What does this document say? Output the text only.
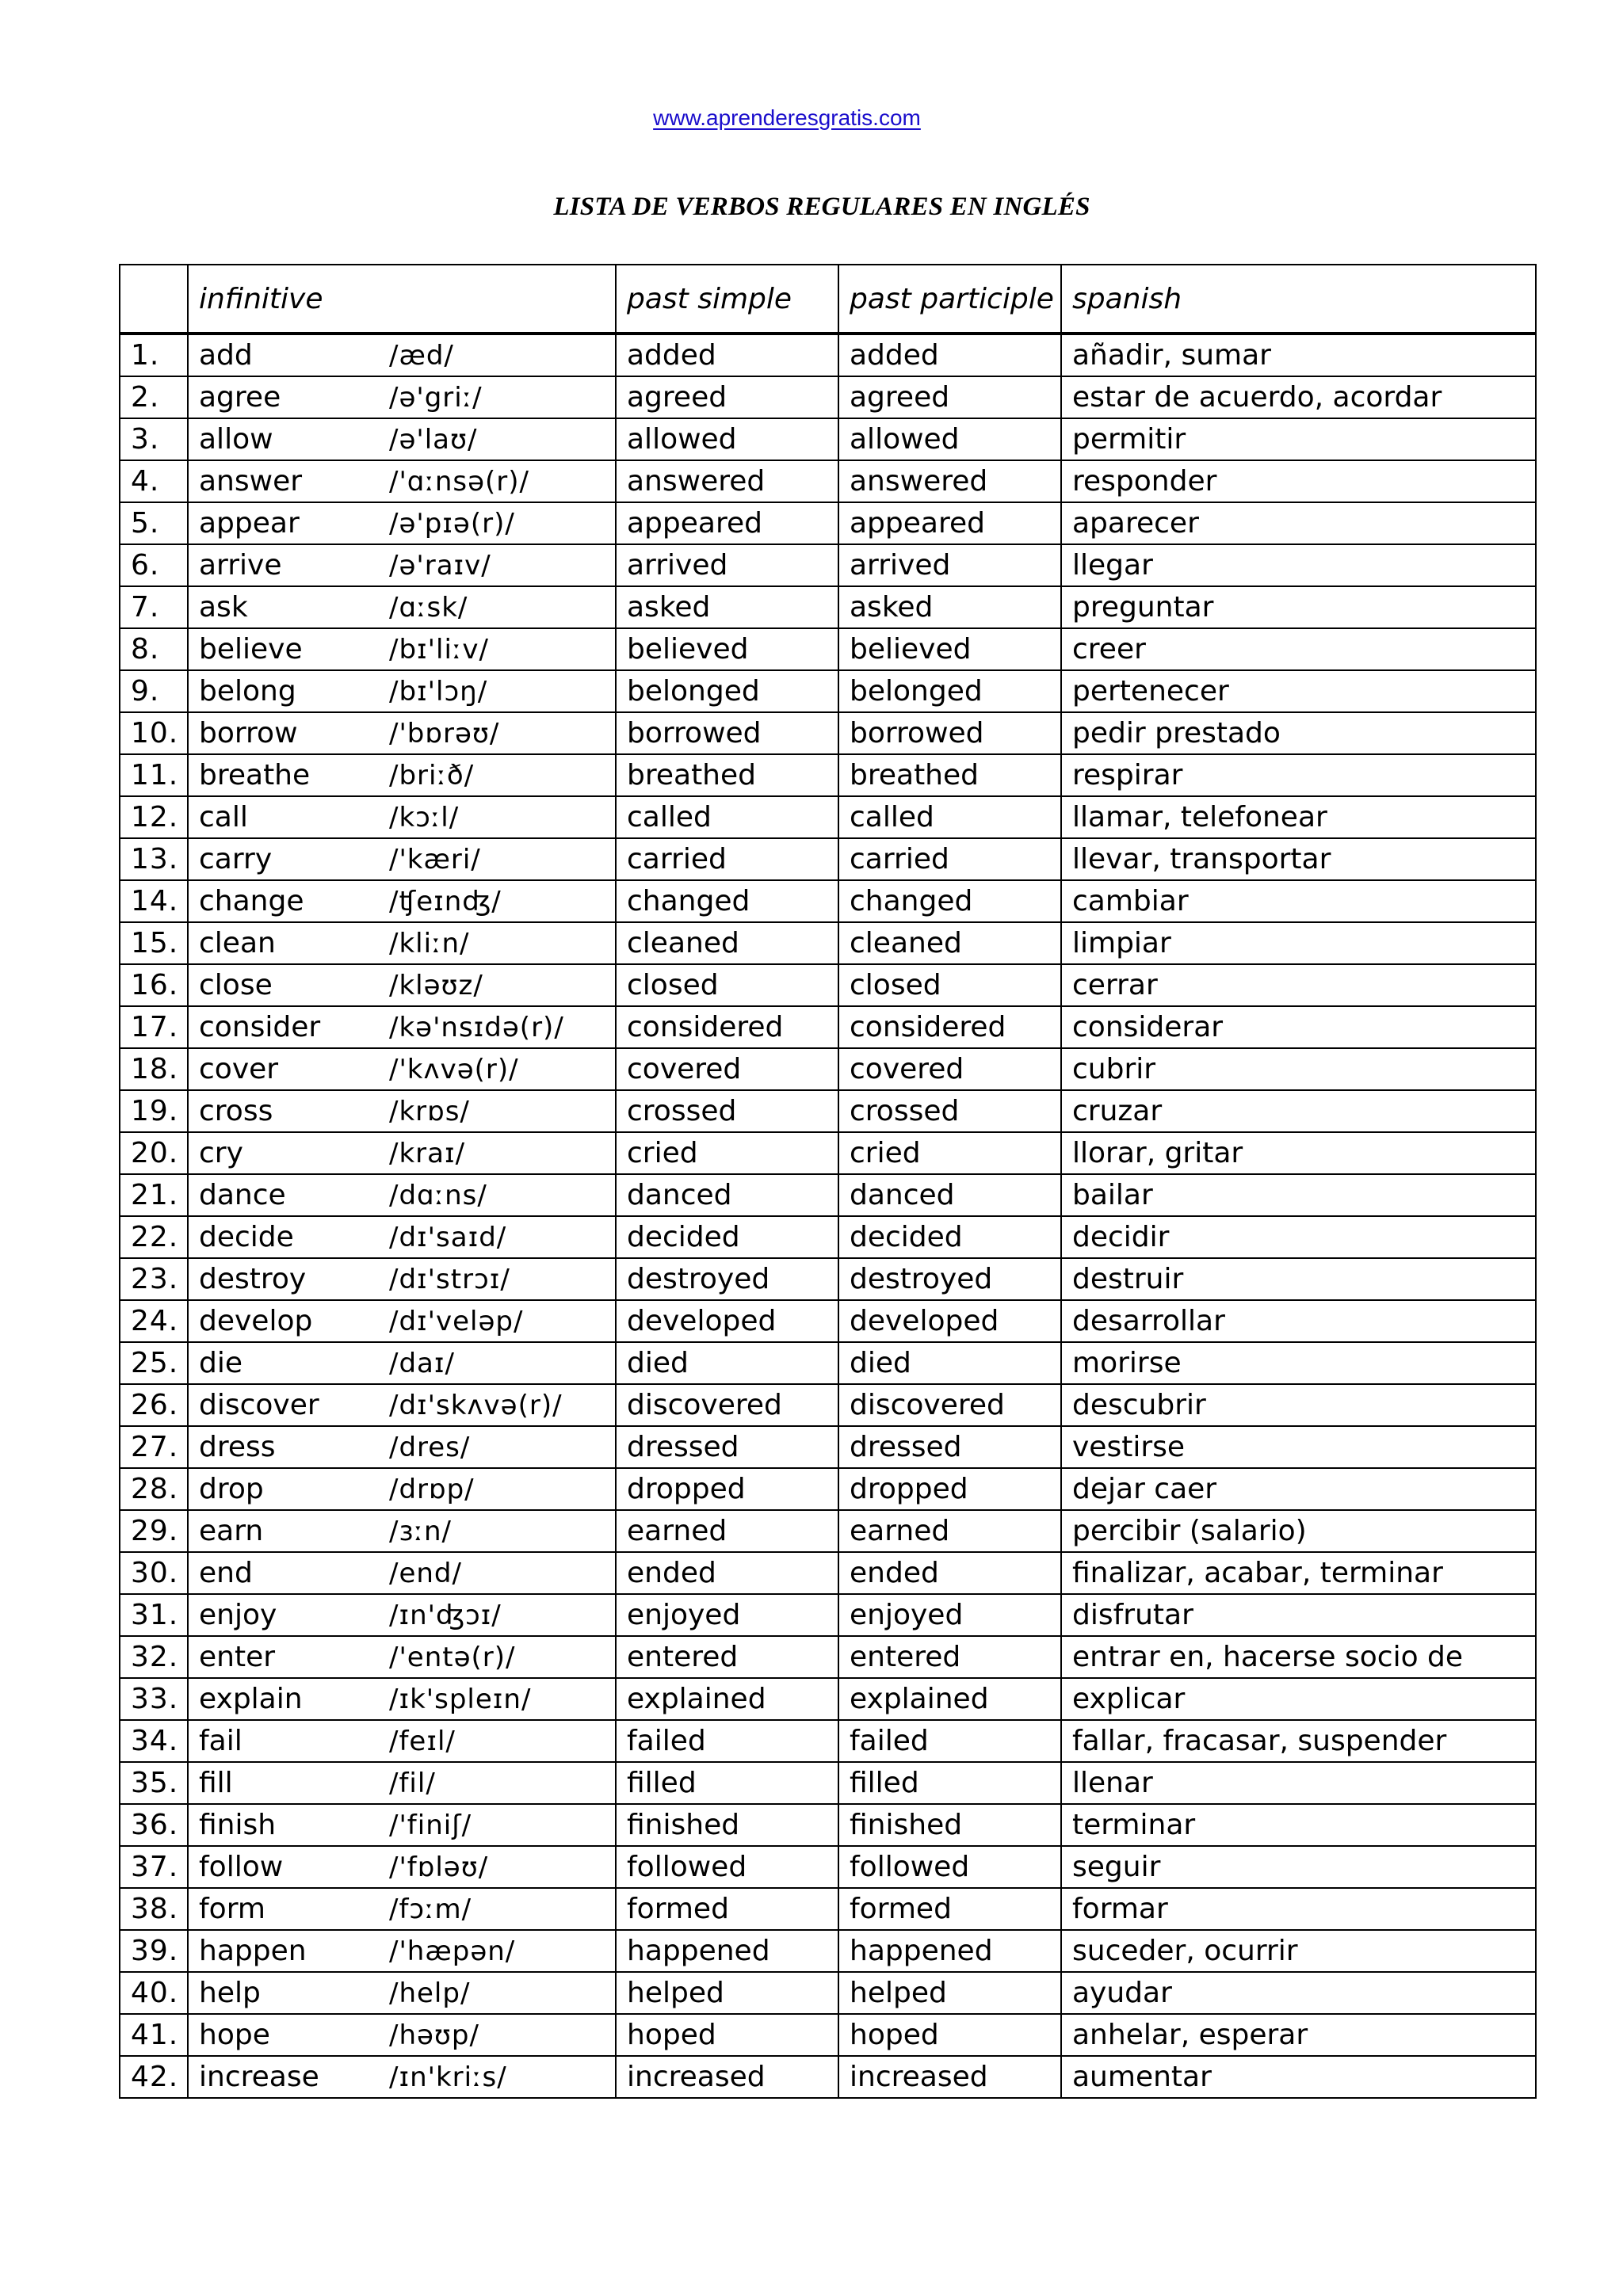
www.aprenderesgratis.com
LISTA DE VERBOS REGULARES EN INGLÉS
	infinitive	past simple	past participle	spanish
1.	add /æd/	added	added	añadir, sumar
2.	agree /ə'griː/	agreed	agreed	estar de acuerdo, acordar
3.	allow /ə'laʊ/	allowed	allowed	permitir
4.	answer /'ɑːnsə(r)/	answered	answered	responder
5.	appear /ə'pɪə(r)/	appeared	appeared	aparecer
6.	arrive /ə'raɪv/	arrived	arrived	llegar
7.	ask /ɑːsk/	asked	asked	preguntar
8.	believe /bɪ'liːv/	believed	believed	creer
9.	belong /bɪ'lɔŋ/	belonged	belonged	pertenecer
10.	borrow /'bɒrəʊ/	borrowed	borrowed	pedir prestado
11.	breathe /briːð/	breathed	breathed	respirar
12.	call /kɔːl/	called	called	llamar, telefonear
13.	carry /'kæri/	carried	carried	llevar, transportar
14.	change /ʧeɪnʤ/	changed	changed	cambiar
15.	clean /kliːn/	cleaned	cleaned	limpiar
16.	close /kləʊz/	closed	closed	cerrar
17.	consider /kə'nsɪdə(r)/	considered	considered	considerar
18.	cover /'kʌvə(r)/	covered	covered	cubrir
19.	cross /krɒs/	crossed	crossed	cruzar
20.	cry /kraɪ/	cried	cried	llorar, gritar
21.	dance /dɑːns/	danced	danced	bailar
22.	decide /dɪ'saɪd/	decided	decided	decidir
23.	destroy /dɪ'strɔɪ/	destroyed	destroyed	destruir
24.	develop /dɪ'veləp/	developed	developed	desarrollar
25.	die /daɪ/	died	died	morirse
26.	discover /dɪ'skʌvə(r)/	discovered	discovered	descubrir
27.	dress /dres/	dressed	dressed	vestirse
28.	drop /drɒp/	dropped	dropped	dejar caer
29.	earn /ɜːn/	earned	earned	percibir (salario)
30.	end /end/	ended	ended	finalizar, acabar, terminar
31.	enjoy /ɪn'ʤɔɪ/	enjoyed	enjoyed	disfrutar
32.	enter /'entə(r)/	entered	entered	entrar en, hacerse socio de
33.	explain /ɪk'spleɪn/	explained	explained	explicar
34.	fail /feɪl/	failed	failed	fallar, fracasar, suspender
35.	fill /fil/	filled	filled	llenar
36.	finish /'finiʃ/	finished	finished	terminar
37.	follow /'fɒləʊ/	followed	followed	seguir
38.	form /fɔːm/	formed	formed	formar
39.	happen /'hæpən/	happened	happened	suceder, ocurrir
40.	help /help/	helped	helped	ayudar
41.	hope /həʊp/	hoped	hoped	anhelar, esperar
42.	increase /ɪn'kriːs/	increased	increased	aumentar
